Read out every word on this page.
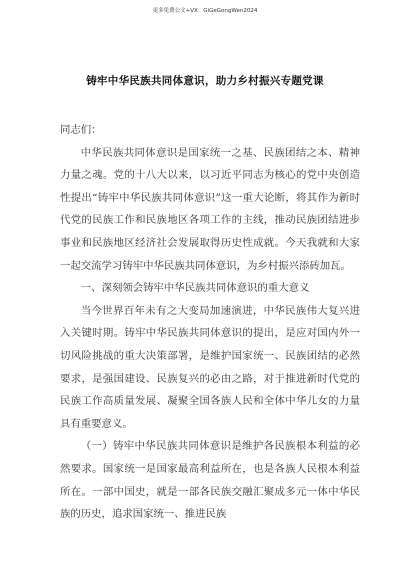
更多免费公文+VX：GiGeGongWen2024
铸牢中华民族共同体意识，助力乡村振兴专题党课

同志们：

中华民族共同体意识是国家统一之基、民族团结之本、精神力量之魂。党的十八大以来，以习近平同志为核心的党中央创造性提出“铸牢中华民族共同体意识”这一重大论断，将其作为新时代党的民族工作和民族地区各项工作的主线，推动民族团结进步事业和民族地区经济社会发展取得历史性成就。今天我就和大家一起交流学习铸牢中华民族共同体意识，为乡村振兴添砖加瓦。

一、深刻领会铸牢中华民族共同体意识的重大意义

当今世界百年未有之大变局加速演进，中华民族伟大复兴进入关键时期。铸牢中华民族共同体意识的提出，是应对国内外一切风险挑战的重大决策部署，是维护国家统一、民族团结的必然要求，是强国建设、民族复兴的必由之路，对于推进新时代党的民族工作高质量发展、凝聚全国各族人民和全体中华儿女的力量具有重要意义。

（一）铸牢中华民族共同体意识是维护各民族根本利益的必然要求。国家统一是国家最高利益所在，也是各族人民根本利益所在。一部中国史，就是一部各民族交融汇聚成多元一体中华民族的历史，追求国家统一、推进民族
